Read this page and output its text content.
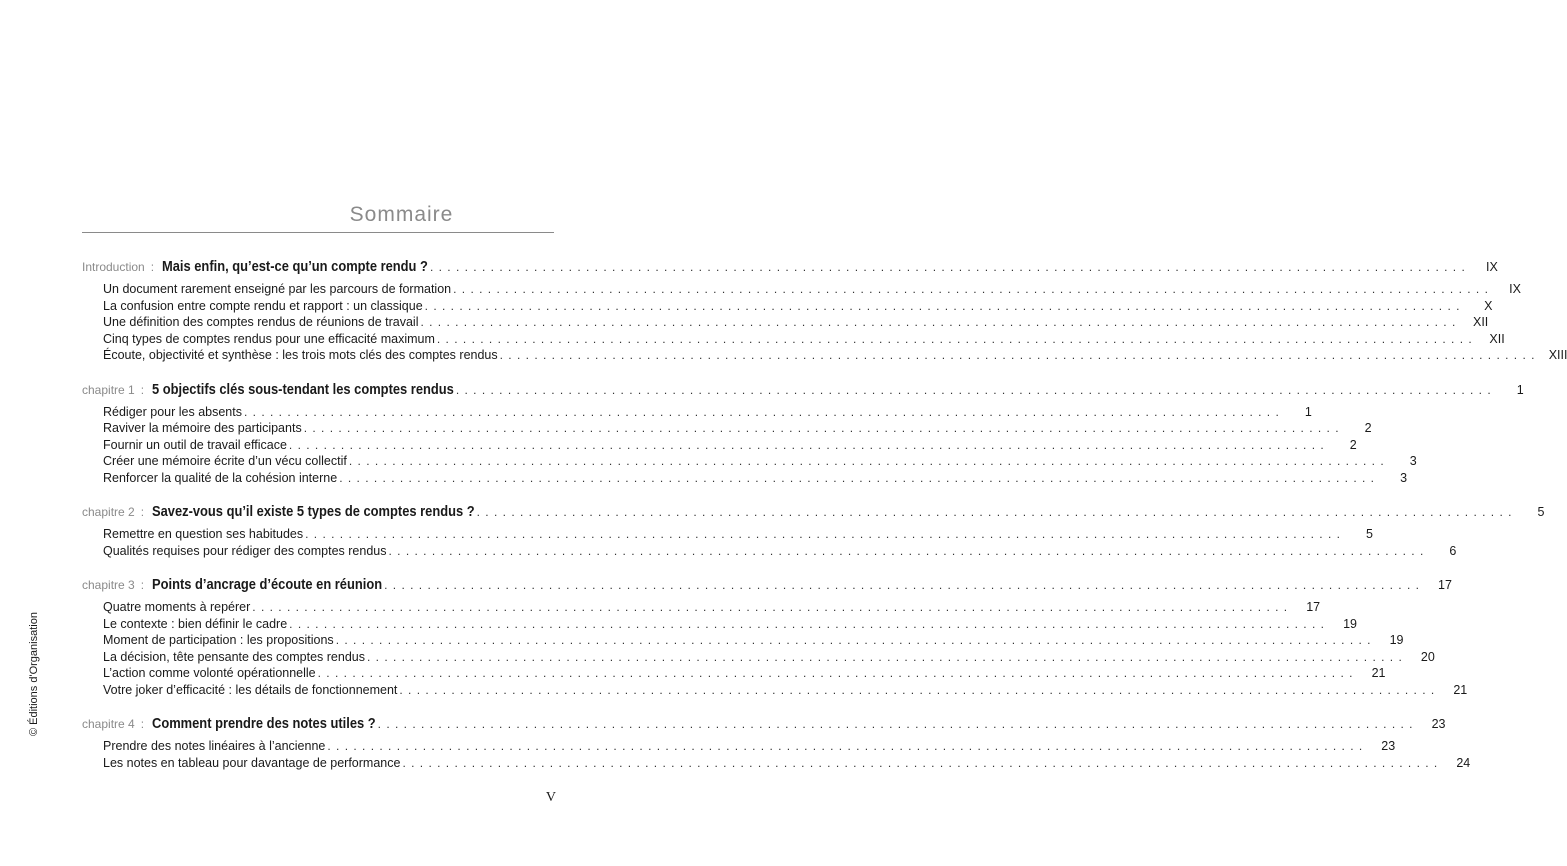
© Éditions d'Organisation
Sommaire
Introduction : Mais enfin, qu’est-ce qu’un compte rendu ? . . . . . . . . . . . . . . . . . . . . . . . . . . . . . . . . . . . . . . . . . . . . . . . . . . . . . . . . . . . . . . . . . . . . . . . . . . . . . . . . . . . . . . . . . . . . . . . . . . . . . . . . . . . . . . . . . . . . . . . .	IX
Un document rarement enseigné par les parcours de formation . . . . . . . . . . . . . . . . . . . . . . . . . . . . . . . . . . . . . . . . . . . . . . . . . . . . . . . . . . . . . . . . . . . . . . . . . . . . . . . . . . . . . . . . . . . . . . . . . . . . . . . . . . . . . . . . . . . . . . . .	IX
La confusion entre compte rendu et rapport : un classique . . . . . . . . . . . . . . . . . . . . . . . . . . . . . . . . . . . . . . . . . . . . . . . . . . . . . . . . . . . . . . . . . . . . . . . . . . . . . . . . . . . . . . . . . . . . . . . . . . . . . . . . . . . . . . . . . . . . . . . .	X
Une définition des comptes rendus de réunions de travail . . . . . . . . . . . . . . . . . . . . . . . . . . . . . . . . . . . . . . . . . . . . . . . . . . . . . . . . . . . . . . . . . . . . . . . . . . . . . . . . . . . . . . . . . . . . . . . . . . . . . . . . . . . . . . . . . . . . . . . .	XII
Cinq types de comptes rendus pour une efficacité maximum . . . . . . . . . . . . . . . . . . . . . . . . . . . . . . . . . . . . . . . . . . . . . . . . . . . . . . . . . . . . . . . . . . . . . . . . . . . . . . . . . . . . . . . . . . . . . . . . . . . . . . . . . . . . . . . . . . . . . . . .	XII
Écoute, objectivité et synthèse : les trois mots clés des comptes rendus . . . . . . . . . . . . . . . . . . . . . . . . . . . . . . . . . . . . . . . . . . . . . . . . . . . . . . . . . . . . . . . . . . . . . . . . . . . . . . . . . . . . . . . . . . . . . . . . . . . . . . . . . . . . . . . . . . . . . . . .	XIII
chapitre 1 : 5 objectifs clés sous-tendant les comptes rendus . . . . . . . . . . . . . . . . . . . . . . . . . . . . . . . . . . . . . . . . . . . . . . . . . . . . . . . . . . . . . . . . . . . . . . . . . . . . . . . . . . . . . . . . . . . . . . . . . . . . . . . . . . . . . . . . . . . . . . . .	1
Rédiger pour les absents . . . . . . . . . . . . . . . . . . . . . . . . . . . . . . . . . . . . . . . . . . . . . . . . . . . . . . . . . . . . . . . . . . . . . . . . . . . . . . . . . . . . . . . . . . . . . . . . . . . . . . . . . . . . . . . . . . . . . . . .	1
Raviver la mémoire des participants . . . . . . . . . . . . . . . . . . . . . . . . . . . . . . . . . . . . . . . . . . . . . . . . . . . . . . . . . . . . . . . . . . . . . . . . . . . . . . . . . . . . . . . . . . . . . . . . . . . . . . . . . . . . . . . . . . . . . . . .	2
Fournir un outil de travail efficace . . . . . . . . . . . . . . . . . . . . . . . . . . . . . . . . . . . . . . . . . . . . . . . . . . . . . . . . . . . . . . . . . . . . . . . . . . . . . . . . . . . . . . . . . . . . . . . . . . . . . . . . . . . . . . . . . . . . . . . .	2
Créer une mémoire écrite d’un vécu collectif . . . . . . . . . . . . . . . . . . . . . . . . . . . . . . . . . . . . . . . . . . . . . . . . . . . . . . . . . . . . . . . . . . . . . . . . . . . . . . . . . . . . . . . . . . . . . . . . . . . . . . . . . . . . . . . . . . . . . . . .	3
Renforcer la qualité de la cohésion interne . . . . . . . . . . . . . . . . . . . . . . . . . . . . . . . . . . . . . . . . . . . . . . . . . . . . . . . . . . . . . . . . . . . . . . . . . . . . . . . . . . . . . . . . . . . . . . . . . . . . . . . . . . . . . . . . . . . . . . . .	3
chapitre 2 : Savez-vous qu’il existe 5 types de comptes rendus ? . . . . . . . . . . . . . . . . . . . . . . . . . . . . . . . . . . . . . . . . . . . . . . . . . . . . . . . . . . . . . . . . . . . . . . . . . . . . . . . . . . . . . . . . . . . . . . . . . . . . . . . . . . . . . . . . . . . . . . . .	5
Remettre en question ses habitudes . . . . . . . . . . . . . . . . . . . . . . . . . . . . . . . . . . . . . . . . . . . . . . . . . . . . . . . . . . . . . . . . . . . . . . . . . . . . . . . . . . . . . . . . . . . . . . . . . . . . . . . . . . . . . . . . . . . . . . . .	5
Qualités requises pour rédiger des comptes rendus . . . . . . . . . . . . . . . . . . . . . . . . . . . . . . . . . . . . . . . . . . . . . . . . . . . . . . . . . . . . . . . . . . . . . . . . . . . . . . . . . . . . . . . . . . . . . . . . . . . . . . . . . . . . . . . . . . . . . . . .	6
chapitre 3 : Points d’ancrage d’écoute en réunion . . . . . . . . . . . . . . . . . . . . . . . . . . . . . . . . . . . . . . . . . . . . . . . . . . . . . . . . . . . . . . . . . . . . . . . . . . . . . . . . . . . . . . . . . . . . . . . . . . . . . . . . . . . . . . . . . . . . . . . .	17
Quatre moments à repérer . . . . . . . . . . . . . . . . . . . . . . . . . . . . . . . . . . . . . . . . . . . . . . . . . . . . . . . . . . . . . . . . . . . . . . . . . . . . . . . . . . . . . . . . . . . . . . . . . . . . . . . . . . . . . . . . . . . . . . . .	17
Le contexte : bien définir le cadre . . . . . . . . . . . . . . . . . . . . . . . . . . . . . . . . . . . . . . . . . . . . . . . . . . . . . . . . . . . . . . . . . . . . . . . . . . . . . . . . . . . . . . . . . . . . . . . . . . . . . . . . . . . . . . . . . . . . . . . .	19
Moment de participation : les propositions . . . . . . . . . . . . . . . . . . . . . . . . . . . . . . . . . . . . . . . . . . . . . . . . . . . . . . . . . . . . . . . . . . . . . . . . . . . . . . . . . . . . . . . . . . . . . . . . . . . . . . . . . . . . . . . . . . . . . . . .	19
La décision, tête pensante des comptes rendus . . . . . . . . . . . . . . . . . . . . . . . . . . . . . . . . . . . . . . . . . . . . . . . . . . . . . . . . . . . . . . . . . . . . . . . . . . . . . . . . . . . . . . . . . . . . . . . . . . . . . . . . . . . . . . . . . . . . . . . .	20
L’action comme volonté opérationnelle . . . . . . . . . . . . . . . . . . . . . . . . . . . . . . . . . . . . . . . . . . . . . . . . . . . . . . . . . . . . . . . . . . . . . . . . . . . . . . . . . . . . . . . . . . . . . . . . . . . . . . . . . . . . . . . . . . . . . . . .	21
Votre joker d’efficacité : les détails de fonctionnement . . . . . . . . . . . . . . . . . . . . . . . . . . . . . . . . . . . . . . . . . . . . . . . . . . . . . . . . . . . . . . . . . . . . . . . . . . . . . . . . . . . . . . . . . . . . . . . . . . . . . . . . . . . . . . . . . . . . . . . .	21
chapitre 4 : Comment prendre des notes utiles ? . . . . . . . . . . . . . . . . . . . . . . . . . . . . . . . . . . . . . . . . . . . . . . . . . . . . . . . . . . . . . . . . . . . . . . . . . . . . . . . . . . . . . . . . . . . . . . . . . . . . . . . . . . . . . . . . . . . . . . . .	23
Prendre des notes linéaires à l’ancienne . . . . . . . . . . . . . . . . . . . . . . . . . . . . . . . . . . . . . . . . . . . . . . . . . . . . . . . . . . . . . . . . . . . . . . . . . . . . . . . . . . . . . . . . . . . . . . . . . . . . . . . . . . . . . . . . . . . . . . . .	23
Les notes en tableau pour davantage de performance . . . . . . . . . . . . . . . . . . . . . . . . . . . . . . . . . . . . . . . . . . . . . . . . . . . . . . . . . . . . . . . . . . . . . . . . . . . . . . . . . . . . . . . . . . . . . . . . . . . . . . . . . . . . . . . . . . . . . . . .	24
V
